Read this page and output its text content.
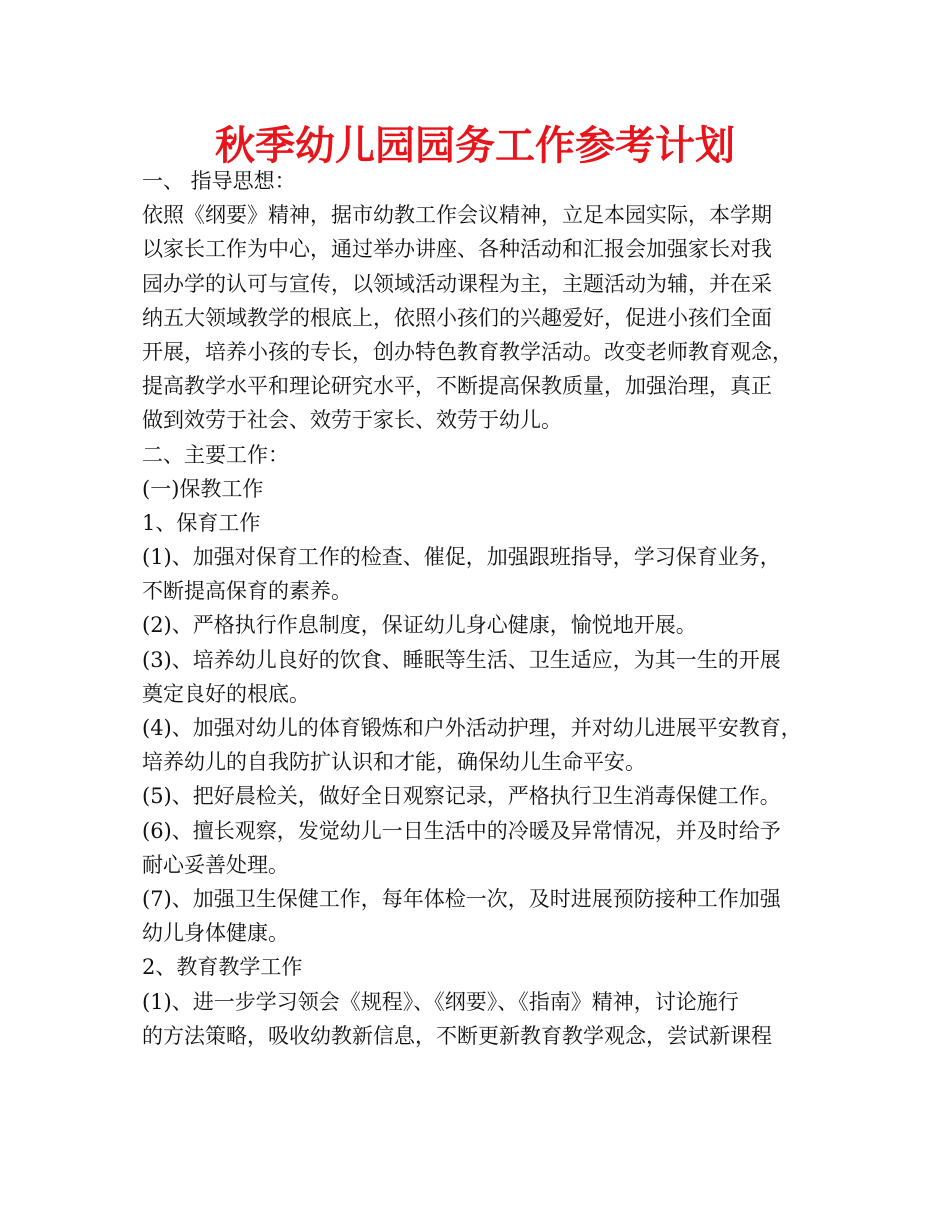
秋季幼儿园园务工作参考计划
一、 指导思想：
依照《纲要》精神，据市幼教工作会议精神，立足本园实际，本学期
以家长工作为中心，通过举办讲座、各种活动和汇报会加强家长对我
园办学的认可与宣传，以领域活动课程为主，主题活动为辅，并在采
纳五大领域教学的根底上，依照小孩们的兴趣爱好，促进小孩们全面
开展，培养小孩的专长，创办特色教育教学活动。改变老师教育观念，
提高教学水平和理论研究水平，不断提高保教质量，加强治理，真正
做到效劳于社会、效劳于家长、效劳于幼儿。
二、主要工作：
(一)保教工作
1、保育工作
(1)、加强对保育工作的检查、催促，加强跟班指导，学习保育业务，
不断提高保育的素养。
(2)、严格执行作息制度，保证幼儿身心健康，愉悦地开展。
(3)、培养幼儿良好的饮食、睡眠等生活、卫生适应，为其一生的开展
奠定良好的根底。
(4)、加强对幼儿的体育锻炼和户外活动护理，并对幼儿进展平安教育，
培养幼儿的自我防扩认识和才能，确保幼儿生命平安。
(5)、把好晨检关，做好全日观察记录，严格执行卫生消毒保健工作。
(6)、擅长观察，发觉幼儿一日生活中的冷暖及异常情况，并及时给予
耐心妥善处理。
(7)、加强卫生保健工作，每年体检一次，及时进展预防接种工作加强
幼儿身体健康。
2、教育教学工作
(1)、进一步学习领会《规程》、《纲要》、《指南》精神，讨论施行
的方法策略，吸收幼教新信息，不断更新教育教学观念，尝试新课程
